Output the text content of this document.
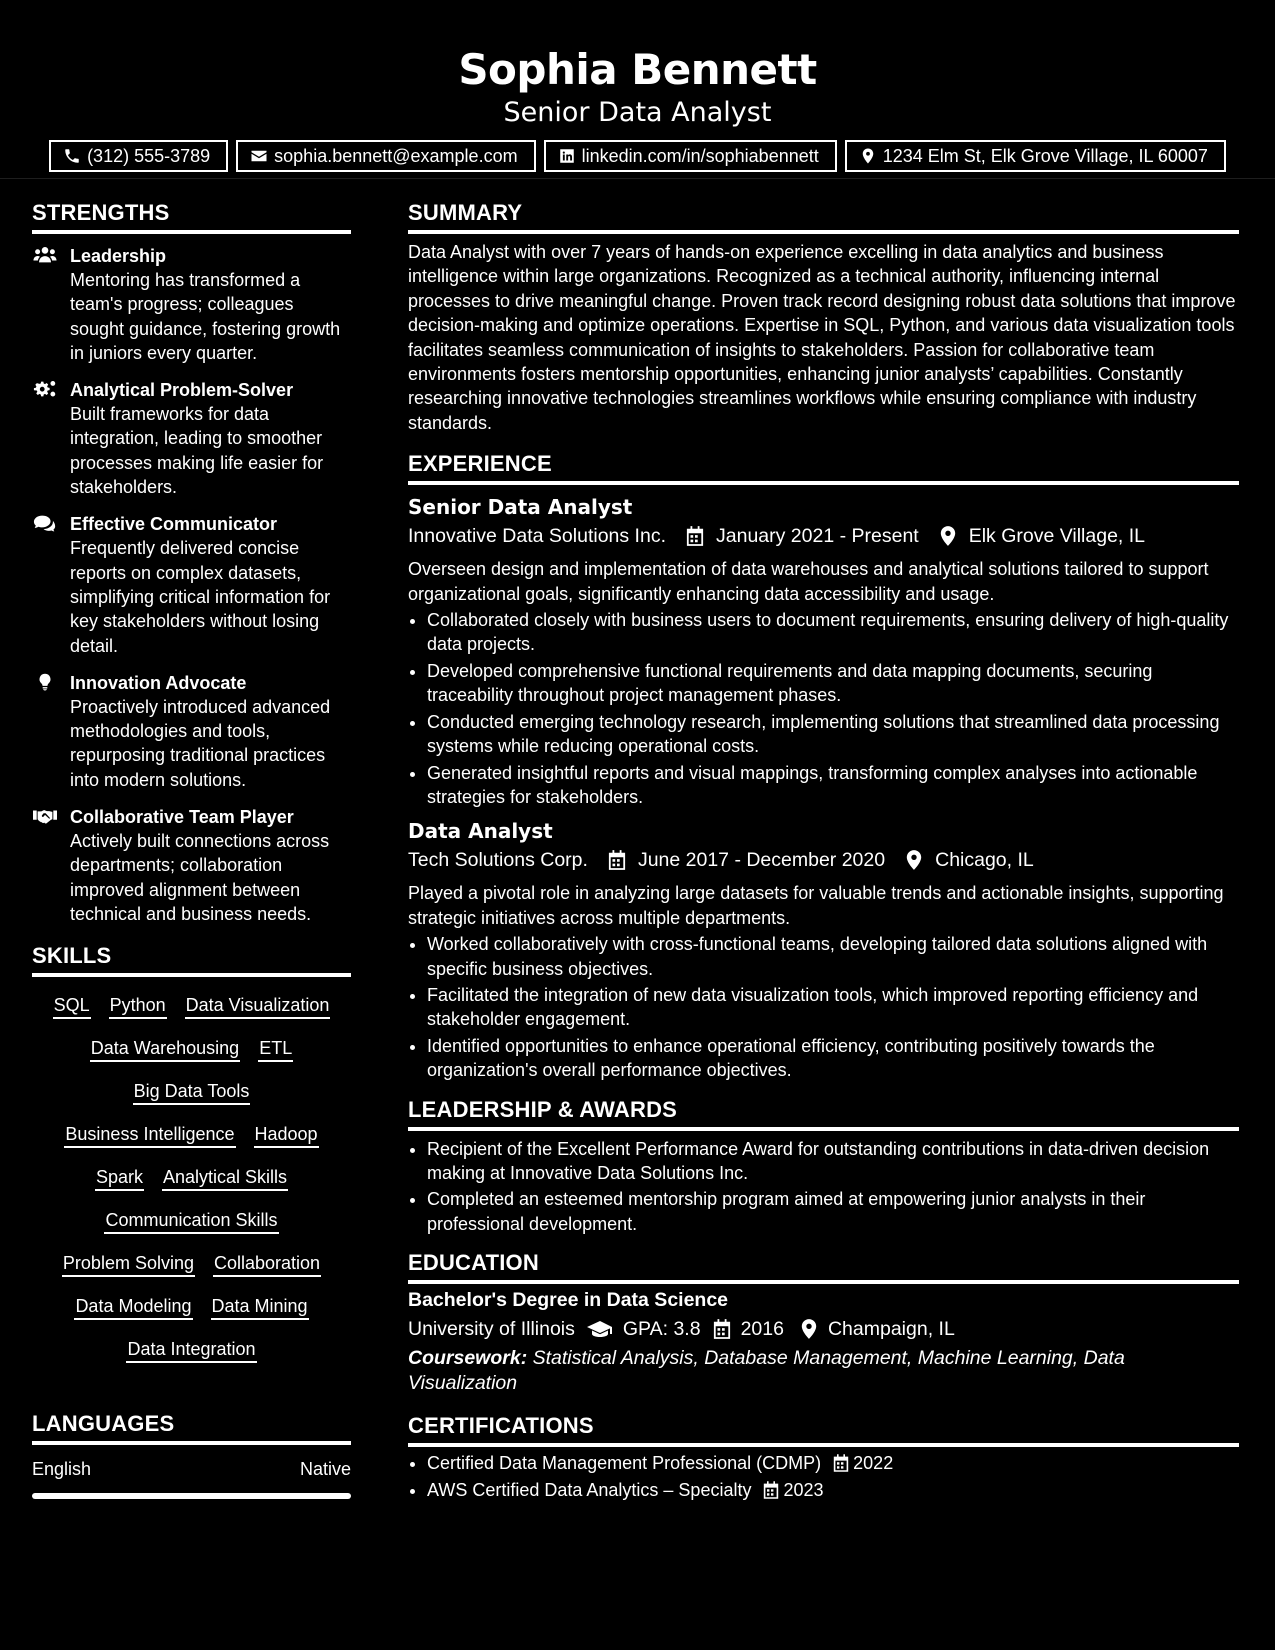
Sophia Bennett
Senior Data Analyst
(312) 555-3789	sophia.bennett@example.com	linkedin.com/in/sophiabennett	1234 Elm St, Elk Grove Village, IL 60007
STRENGTHS
Leadership
Mentoring has transformed a team's progress; colleagues sought guidance, fostering growth in juniors every quarter.
Analytical Problem-Solver
Built frameworks for data integration, leading to smoother processes making life easier for stakeholders.
Effective Communicator
Frequently delivered concise reports on complex datasets, simplifying critical information for key stakeholders without losing detail.
Innovation Advocate
Proactively introduced advanced methodologies and tools, repurposing traditional practices into modern solutions.
Collaborative Team Player
Actively built connections across departments; collaboration improved alignment between technical and business needs.
SKILLS
SQL Python Data Visualization
Data Warehousing ETL
Big Data Tools
Business Intelligence Hadoop
Spark Analytical Skills
Communication Skills
Problem Solving Collaboration
Data Modeling Data Mining
Data Integration
LANGUAGES
English	Native
SUMMARY
Data Analyst with over 7 years of hands-on experience excelling in data analytics and business intelligence within large organizations. Recognized as a technical authority, influencing internal processes to drive meaningful change. Proven track record designing robust data solutions that improve decision-making and optimize operations. Expertise in SQL, Python, and various data visualization tools facilitates seamless communication of insights to stakeholders. Passion for collaborative team environments fosters mentorship opportunities, enhancing junior analysts’ capabilities. Constantly researching innovative technologies streamlines workflows while ensuring compliance with industry standards.
EXPERIENCE
Senior Data Analyst
Innovative Data Solutions Inc.	January 2021 - Present	Elk Grove Village, IL
Overseen design and implementation of data warehouses and analytical solutions tailored to support organizational goals, significantly enhancing data accessibility and usage.
• Collaborated closely with business users to document requirements, ensuring delivery of high-quality data projects.
• Developed comprehensive functional requirements and data mapping documents, securing traceability throughout project management phases.
• Conducted emerging technology research, implementing solutions that streamlined data processing systems while reducing operational costs.
• Generated insightful reports and visual mappings, transforming complex analyses into actionable strategies for stakeholders.
Data Analyst
Tech Solutions Corp.	June 2017 - December 2020	Chicago, IL
Played a pivotal role in analyzing large datasets for valuable trends and actionable insights, supporting strategic initiatives across multiple departments.
• Worked collaboratively with cross-functional teams, developing tailored data solutions aligned with specific business objectives.
• Facilitated the integration of new data visualization tools, which improved reporting efficiency and stakeholder engagement.
• Identified opportunities to enhance operational efficiency, contributing positively towards the organization's overall performance objectives.
LEADERSHIP & AWARDS
• Recipient of the Excellent Performance Award for outstanding contributions in data-driven decision making at Innovative Data Solutions Inc.
• Completed an esteemed mentorship program aimed at empowering junior analysts in their professional development.
EDUCATION
Bachelor's Degree in Data Science
University of Illinois GPA: 3.8 2016 Champaign, IL
Coursework: Statistical Analysis, Database Management, Machine Learning, Data Visualization
CERTIFICATIONS
• Certified Data Management Professional (CDMP) 2022
• AWS Certified Data Analytics – Specialty 2023
